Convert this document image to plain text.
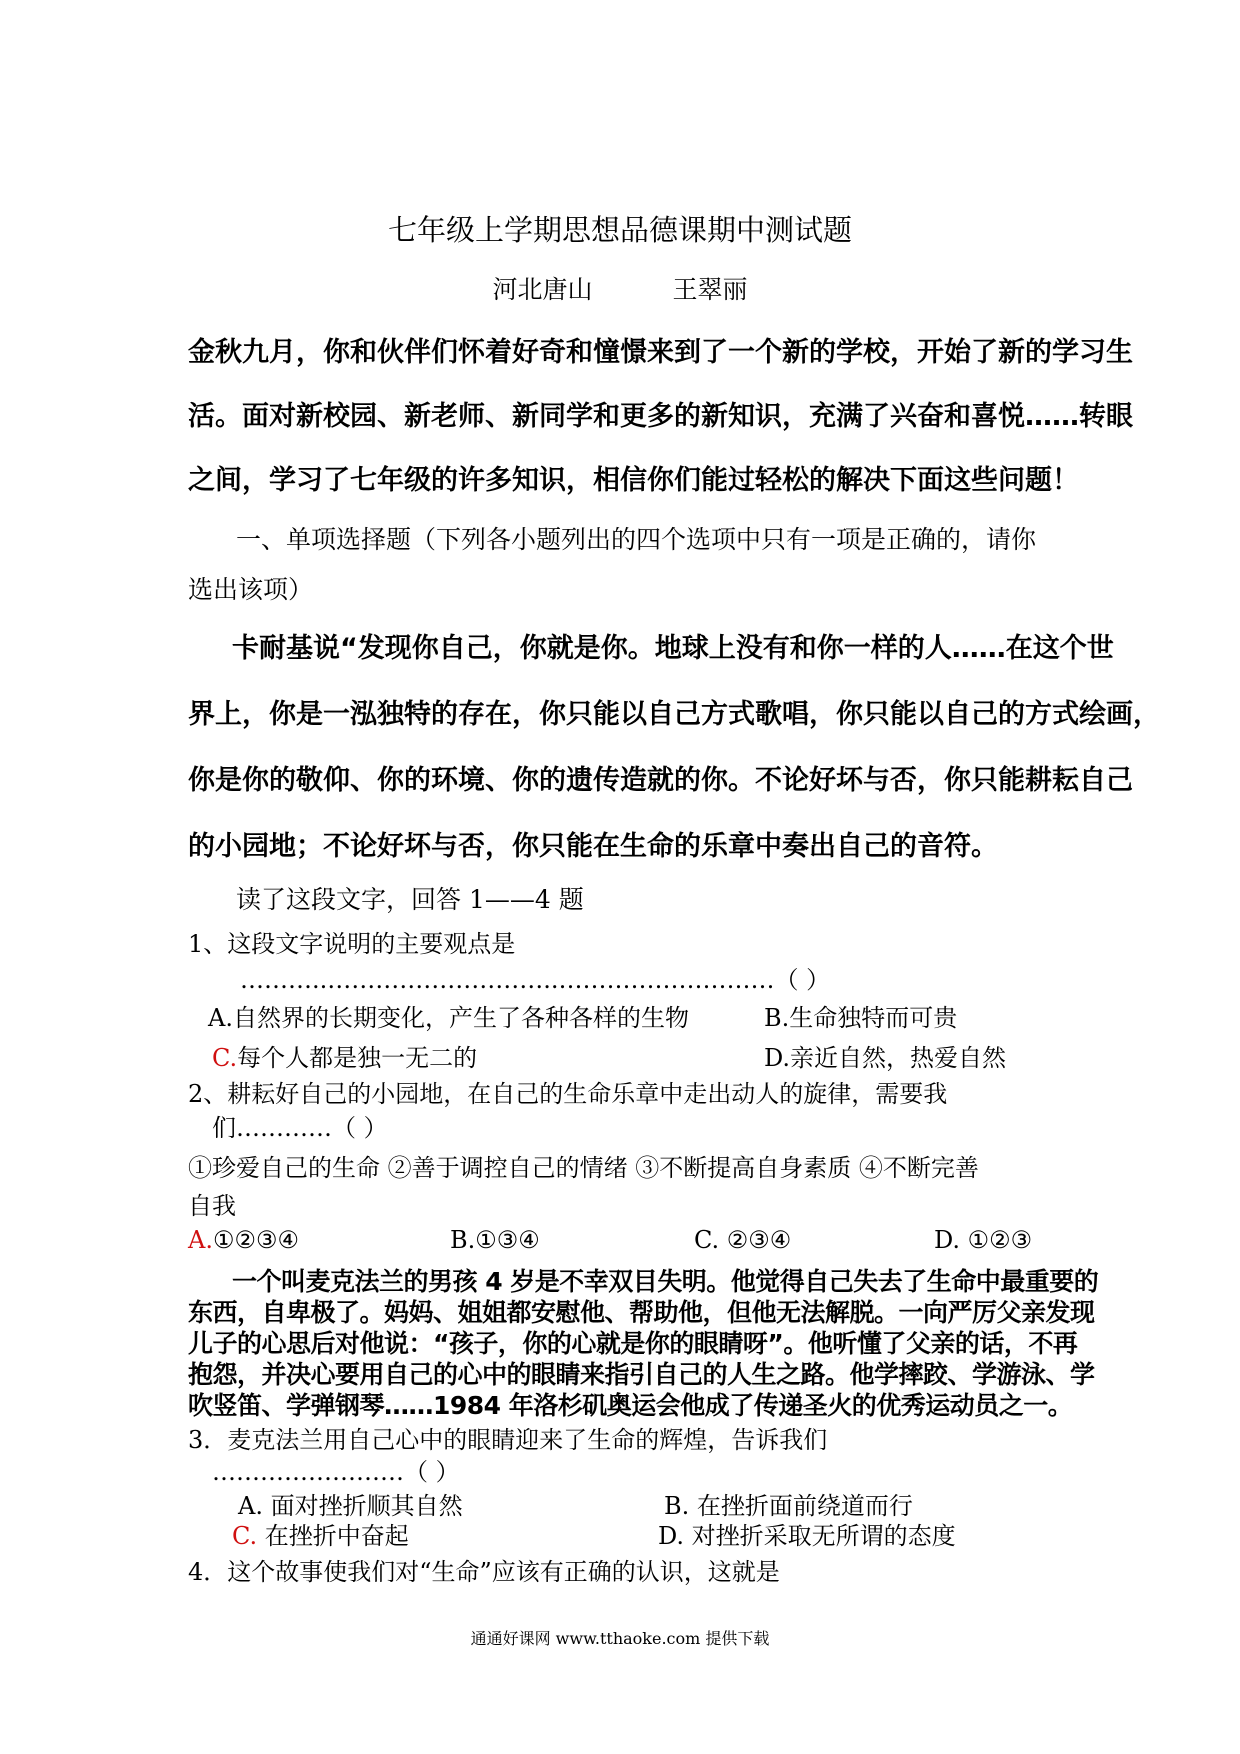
七年级上学期思想品德课期中测试题

河北唐山	王翠丽

金秋九月，你和伙伴们怀着好奇和憧憬来到了一个新的学校，开始了新的学习生

活。面对新校园、新老师、新同学和更多的新知识，充满了兴奋和喜悦……转眼

之间，学习了七年级的许多知识，相信你们能过轻松的解决下面这些问题！

一、单项选择题（下列各小题列出的四个选项中只有一项是正确的，请你

选出该项）

卡耐基说“发现你自己，你就是你。地球上没有和你一样的人……在这个世

界上，你是一泓独特的存在，你只能以自己方式歌唱，你只能以自己的方式绘画，

你是你的敬仰、你的环境、你的遗传造就的你。不论好坏与否，你只能耕耘自己

的小园地；不论好坏与否，你只能在生命的乐章中奏出自己的音符。

读了这段文字，回答 1——4 题

1、这段文字说明的主要观点是

………..………………………..………………………（ ）

A.自然界的长期变化，产生了各种各样的生物	B.生命独特而可贵
C.每个人都是独一无二的	D.亲近自然，热爱自然

2、耕耘好自己的小园地，在自己的生命乐章中走出动人的旋律，需要我

们…………（ ）

①珍爱自己的生命 ②善于调控自己的情绪 ③不断提高自身素质 ④不断完善

自我

A.①②③④	B.①③④	C. ②③④	D. ①②③

一个叫麦克法兰的男孩 4 岁是不幸双目失明。他觉得自己失去了生命中最重要的

东西，自卑极了。妈妈、姐姐都安慰他、帮助他，但他无法解脱。一向严厉父亲发现

儿子的心思后对他说：“孩子，你的心就是你的眼睛呀”。他听懂了父亲的话，不再

抱怨，并决心要用自己的心中的眼睛来指引自己的人生之路。他学摔跤、学游泳、学

吹竖笛、学弹钢琴……1984 年洛杉矶奥运会他成了传递圣火的优秀运动员之一。

3．麦克法兰用自己心中的眼睛迎来了生命的辉煌，告诉我们

……………………（ ）

A. 面对挫折顺其自然	B. 在挫折面前绕道而行
C. 在挫折中奋起	D. 对挫折采取无所谓的态度

4．这个故事使我们对“生命”应该有正确的认识，这就是

通通好课网 www.tthaoke.com 提供下载
